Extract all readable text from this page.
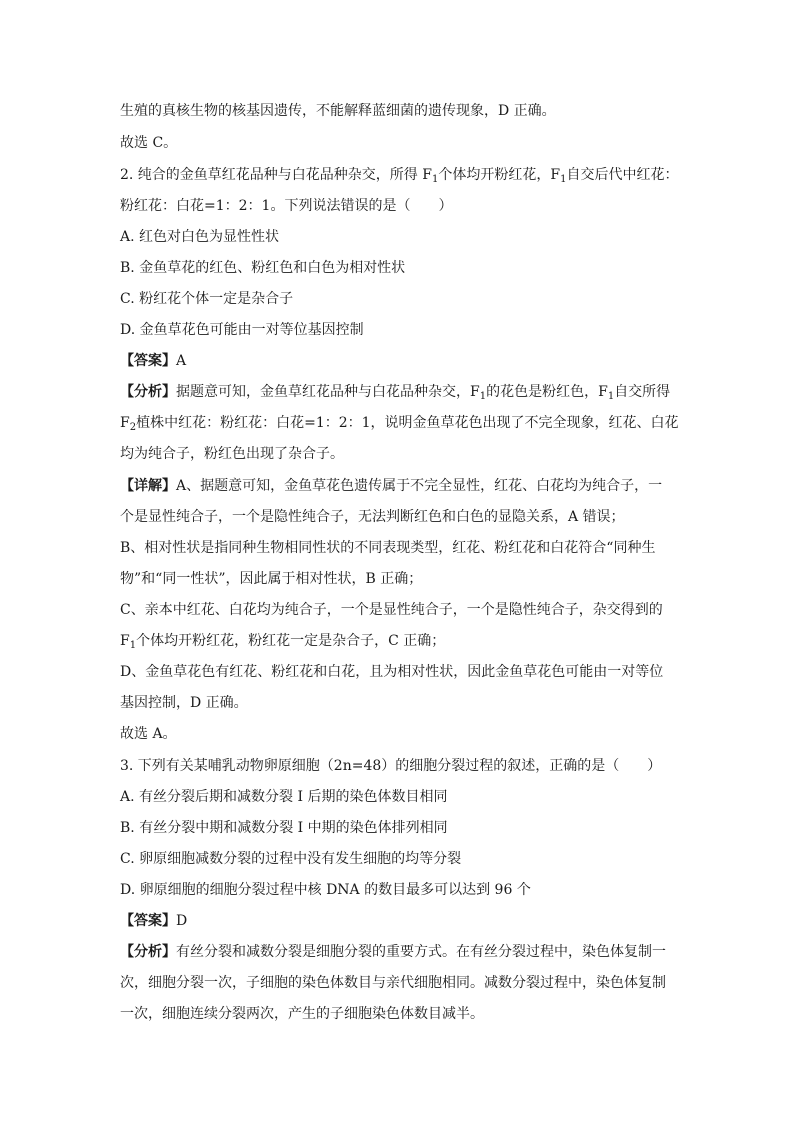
生殖的真核生物的核基因遗传，不能解释蓝细菌的遗传现象，D 正确。
故选 C。
2. 纯合的金鱼草红花品种与白花品种杂交，所得 $F_1$个体均开粉红花，$F_1$自交后代中红花：
粉红花：白花=1：2：1。下列说法错误的是（　　）
A. 红色对白色为显性性状
B. 金鱼草花的红色、粉红色和白色为相对性状
C. 粉红花个体一定是杂合子
D. 金鱼草花色可能由一对等位基因控制
【答案】A
【分析】据题意可知，金鱼草红花品种与白花品种杂交，$F_1$的花色是粉红色，$F_1$自交所得
$F_2$植株中红花：粉红花：白花=1：2：1，说明金鱼草花色出现了不完全现象，红花、白花
均为纯合子，粉红色出现了杂合子。
【详解】A、据题意可知，金鱼草花色遗传属于不完全显性，红花、白花均为纯合子，一
个是显性纯合子，一个是隐性纯合子，无法判断红色和白色的显隐关系，A 错误；
B、相对性状是指同种生物相同性状的不同表现类型，红花、粉红花和白花符合“同种生
物”和“同一性状”，因此属于相对性状，B 正确；
C、亲本中红花、白花均为纯合子，一个是显性纯合子，一个是隐性纯合子，杂交得到的
$F_1$个体均开粉红花，粉红花一定是杂合子，C 正确；
D、金鱼草花色有红花、粉红花和白花，且为相对性状，因此金鱼草花色可能由一对等位
基因控制，D 正确。
故选 A。
3. 下列有关某哺乳动物卵原细胞（2n=48）的细胞分裂过程的叙述，正确的是（　　）
A. 有丝分裂后期和减数分裂 I 后期的染色体数目相同
B. 有丝分裂中期和减数分裂 I 中期的染色体排列相同
C. 卵原细胞减数分裂的过程中没有发生细胞的均等分裂
D. 卵原细胞的细胞分裂过程中核 DNA 的数目最多可以达到 96 个
【答案】D
【分析】有丝分裂和减数分裂是细胞分裂的重要方式。在有丝分裂过程中，染色体复制一
次，细胞分裂一次，子细胞的染色体数目与亲代细胞相同。减数分裂过程中，染色体复制
一次，细胞连续分裂两次，产生的子细胞染色体数目减半。
